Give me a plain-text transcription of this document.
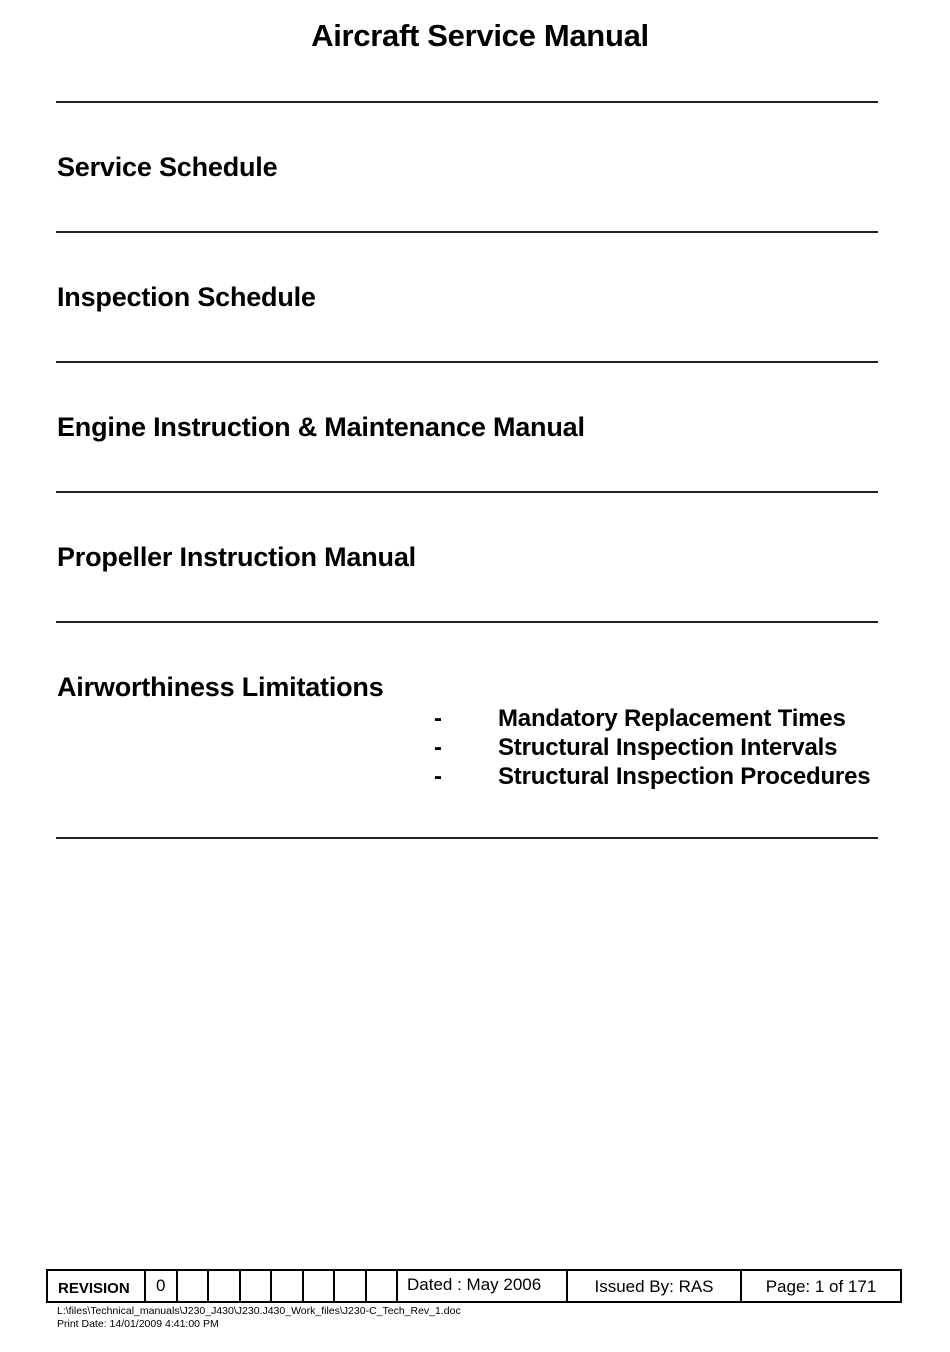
Aircraft Service Manual
Service Schedule
Inspection Schedule
Engine Instruction & Maintenance Manual
Propeller Instruction Manual
Airworthiness Limitations
- Mandatory Replacement Times
- Structural Inspection Intervals
- Structural Inspection Procedures
REVISION	0	Dated : May 2006	Issued By: RAS	Page: 1 of 171
L:\files\Technical_manuals\J230_J430\J230.J430_Work_files\J230-C_Tech_Rev_1.doc
Print Date: 14/01/2009 4:41:00 PM
